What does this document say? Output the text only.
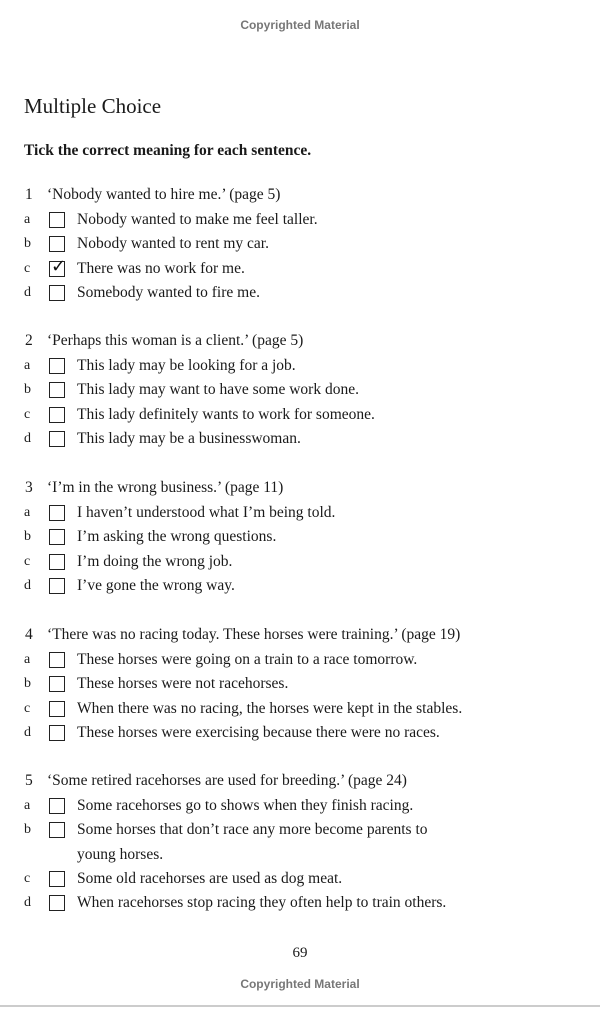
Copyrighted Material
Multiple Choice
Tick the correct meaning for each sentence.
1 ‘Nobody wanted to hire me.’ (page 5)
a	Nobody wanted to make me feel taller.
b	Nobody wanted to rent my car.
c ✓ There was no work for me.
d	Somebody wanted to fire me.
2 ‘Perhaps this woman is a client.’ (page 5)
a	This lady may be looking for a job.
b	This lady may want to have some work done.
c	This lady definitely wants to work for someone.
d	This lady may be a businesswoman.
3 ‘I’m in the wrong business.’ (page 11)
a	I haven’t understood what I’m being told.
b	I’m asking the wrong questions.
c	I’m doing the wrong job.
d	I’ve gone the wrong way.
4 ‘There was no racing today. These horses were training.’ (page 19)
a	These horses were going on a train to a race tomorrow.
b	These horses were not racehorses.
c	When there was no racing, the horses were kept in the stables.
d	These horses were exercising because there were no races.
5 ‘Some retired racehorses are used for breeding.’ (page 24)
a	Some racehorses go to shows when they finish racing.
b	Some horses that don’t race any more become parents to
young horses.
c	Some old racehorses are used as dog meat.
d	When racehorses stop racing they often help to train others.
69
Copyrighted Material
